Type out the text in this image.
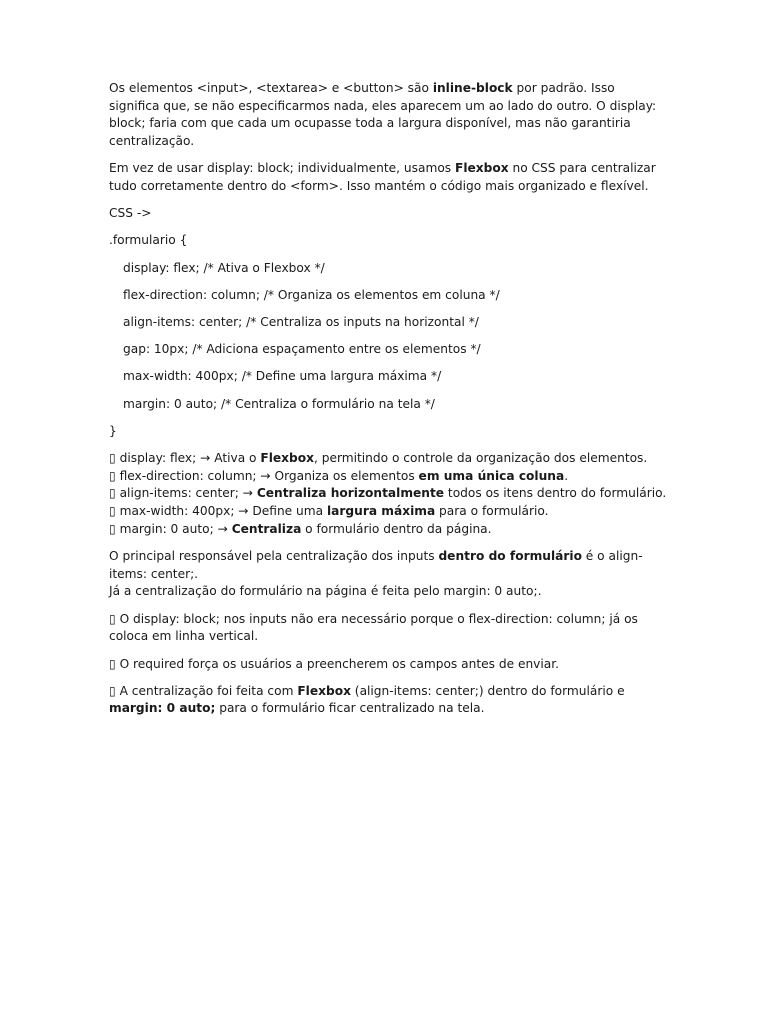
Os elementos <input>, <textarea> e <button> são inline-block por padrão. Isso significa que, se não especificarmos nada, eles aparecem um ao lado do outro. O display: block; faria com que cada um ocupasse toda a largura disponível, mas não garantiria centralização.

Em vez de usar display: block; individualmente, usamos Flexbox no CSS para centralizar tudo corretamente dentro do <form>. Isso mantém o código mais organizado e flexível.

CSS ->

.formulario {

display: flex; /* Ativa o Flexbox */

flex-direction: column; /* Organiza os elementos em coluna */

align-items: center; /* Centraliza os inputs na horizontal */

gap: 10px; /* Adiciona espaçamento entre os elementos */

max-width: 400px; /* Define uma largura máxima */

margin: 0 auto; /* Centraliza o formulário na tela */

}

▯ display: flex; → Ativa o Flexbox, permitindo o controle da organização dos elementos.

▯ flex-direction: column; → Organiza os elementos em uma única coluna.

▯ align-items: center; → Centraliza horizontalmente todos os itens dentro do formulário.

▯ max-width: 400px; → Define uma largura máxima para o formulário.

▯ margin: 0 auto; → Centraliza o formulário dentro da página.

O principal responsável pela centralização dos inputs dentro do formulário é o align-items: center;.

Já a centralização do formulário na página é feita pelo margin: 0 auto;.

▯ O display: block; nos inputs não era necessário porque o flex-direction: column; já os coloca em linha vertical.

▯ O required força os usuários a preencherem os campos antes de enviar.

▯ A centralização foi feita com Flexbox (align-items: center;) dentro do formulário e margin: 0 auto; para o formulário ficar centralizado na tela.
